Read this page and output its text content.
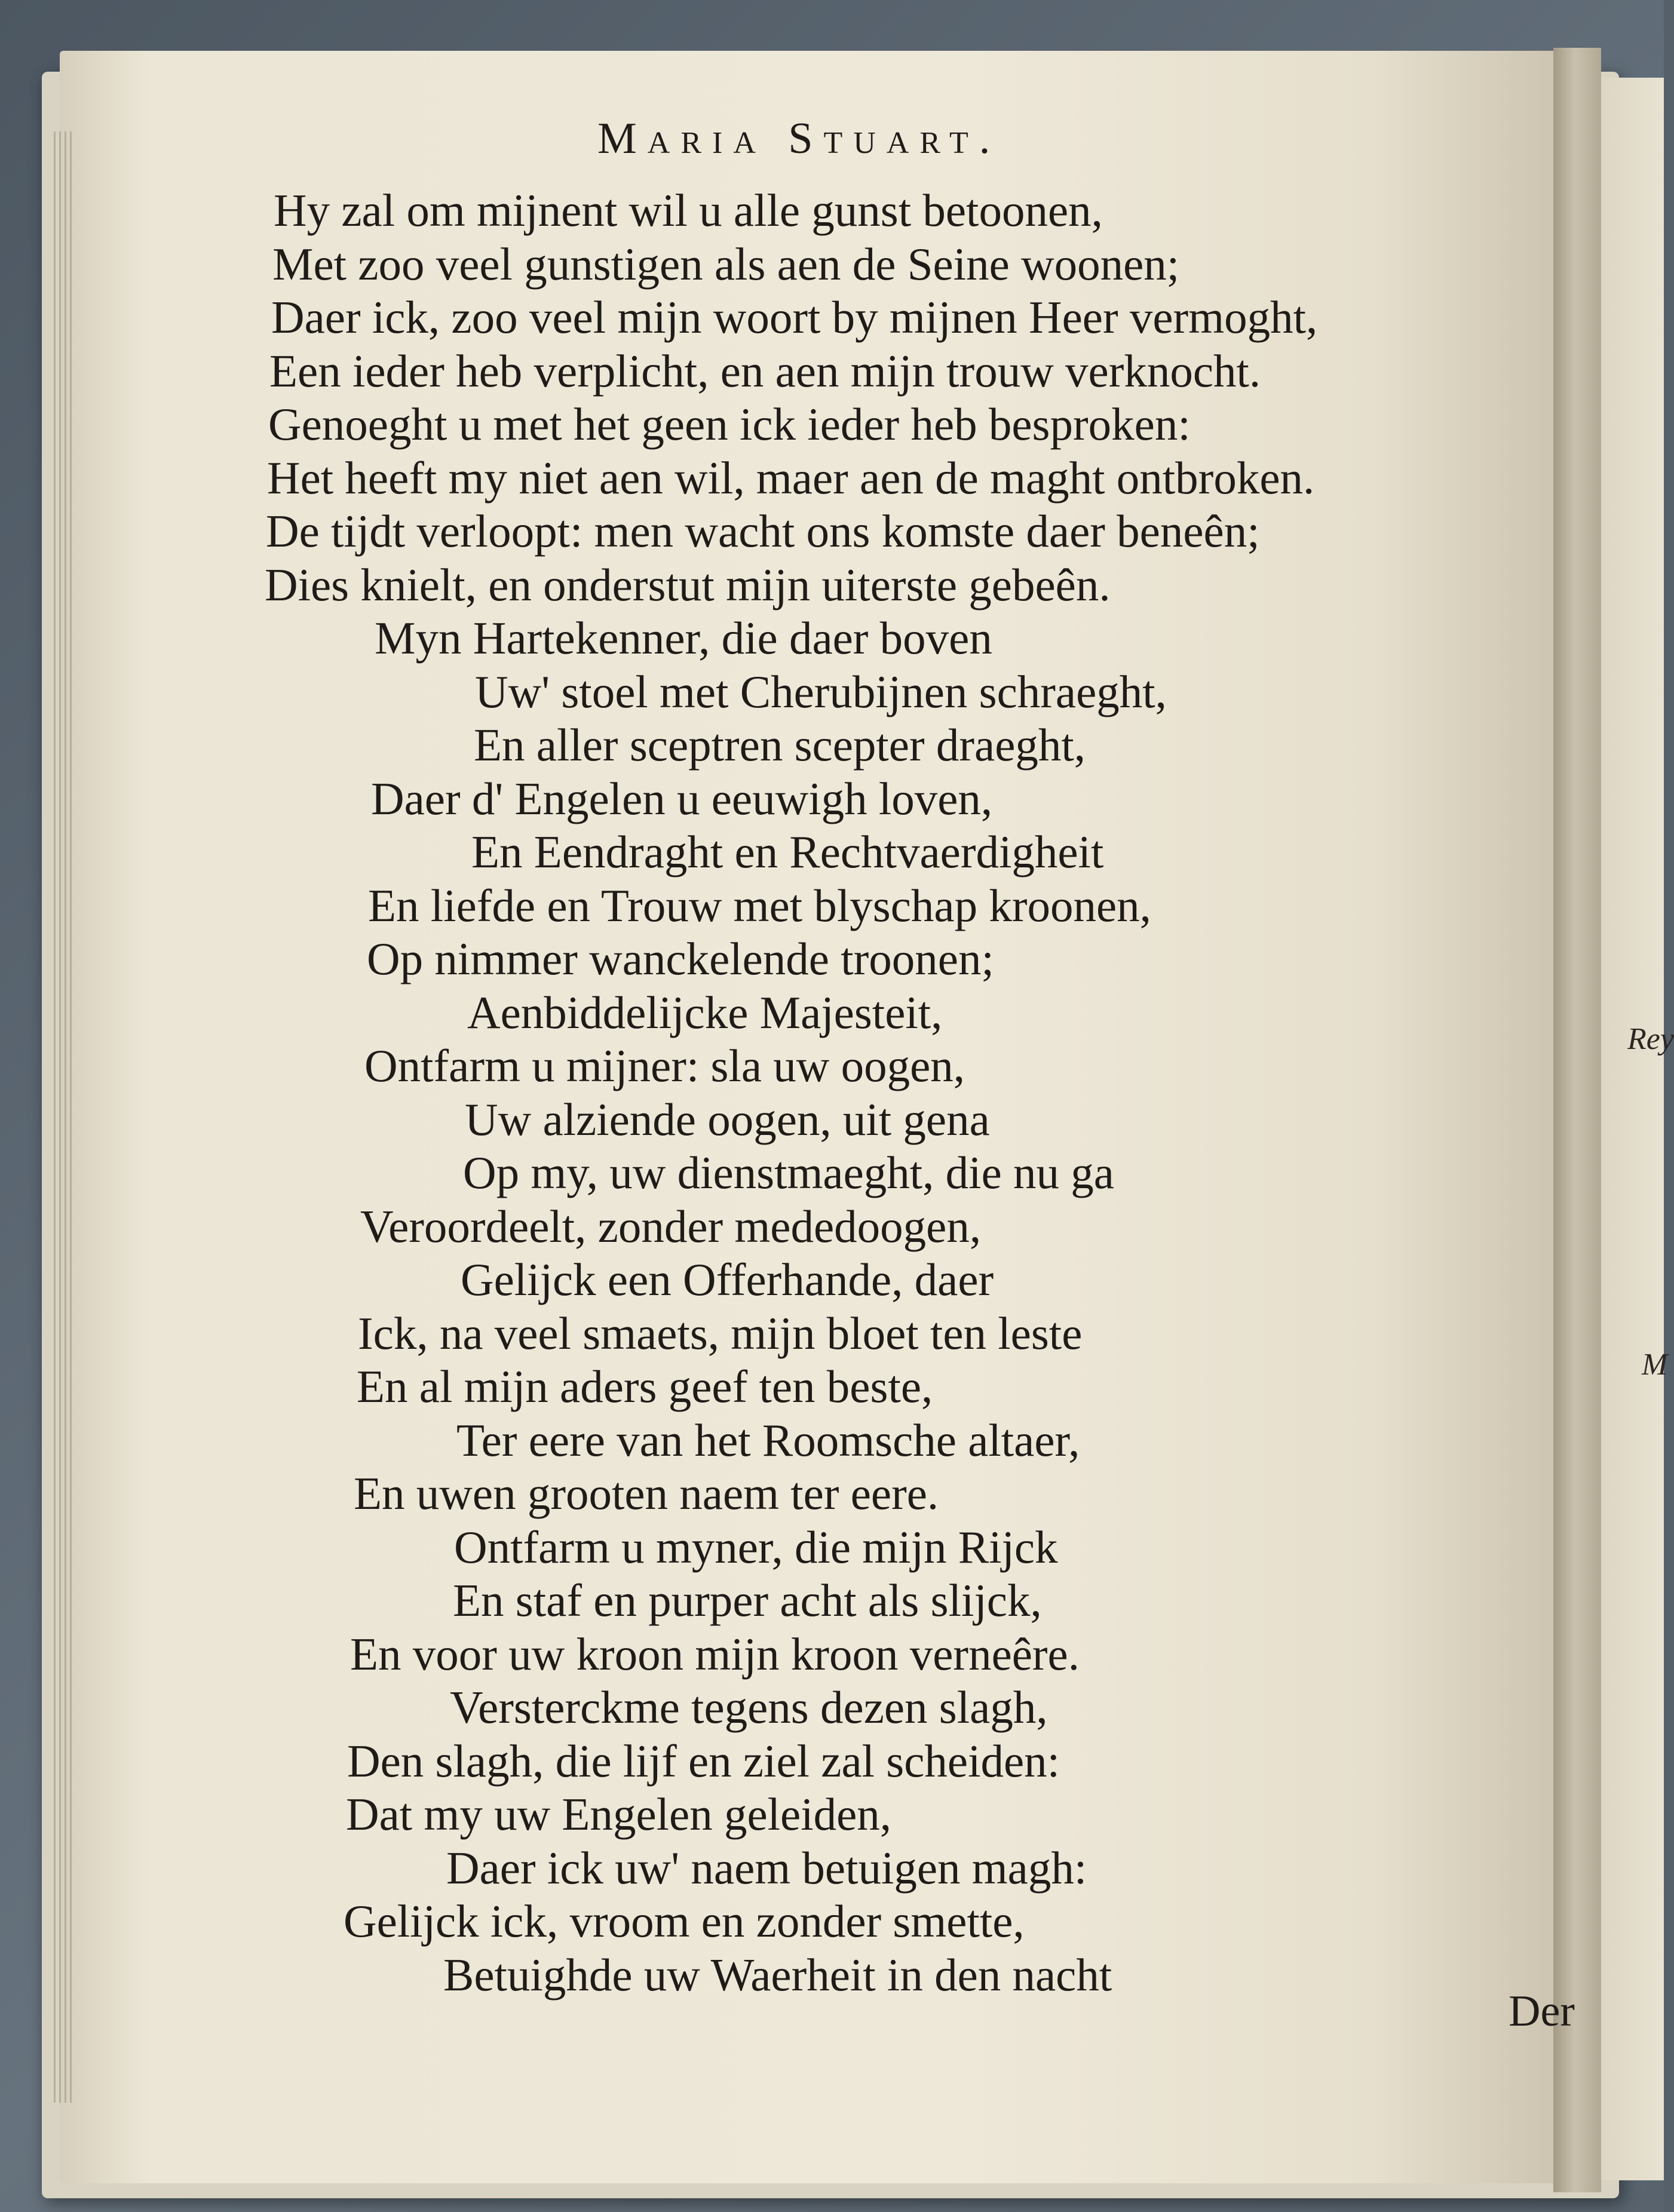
Maria Stuart.
Hy zal om mijnent wil u alle gunst betoonen,
Met zoo veel gunstigen als aen de Seine woonen;
Daer ick, zoo veel mijn woort by mijnen Heer vermoght,
Een ieder heb verplicht, en aen mijn trouw verknocht.
Genoeght u met het geen ick ieder heb besproken:
Het heeft my niet aen wil, maer aen de maght ontbroken.
De tijdt verloopt: men wacht ons komste daer beneên;
Dies knielt, en onderstut mijn uiterste gebeên.
Myn Hartekenner, die daer boven
Uw' stoel met Cherubijnen schraeght,
En aller sceptren scepter draeght,
Daer d' Engelen u eeuwigh loven,
En Eendraght en Rechtvaerdigheit
En liefde en Trouw met blyschap kroonen,
Op nimmer wanckelende troonen;
Aenbiddelijcke Majesteit,
Ontfarm u mijner: sla uw oogen,
Uw alziende oogen, uit gena
Op my, uw dienstmaeght, die nu ga
Veroordeelt, zonder mededoogen,
Gelijck een Offerhande, daer
Ick, na veel smaets, mijn bloet ten leste
En al mijn aders geef ten beste,
Ter eere van het Roomsche altaer,
En uwen grooten naem ter eere.
Ontfarm u myner, die mijn Rijck
En staf en purper acht als slijck,
En voor uw kroon mijn kroon verneêre.
Versterckme tegens dezen slagh,
Den slagh, die lijf en ziel zal scheiden:
Dat my uw Engelen geleiden,
Daer ick uw' naem betuigen magh:
Gelijck ick, vroom en zonder smette,
Betuighde uw Waerheit in den nacht
Der
Rey
M
